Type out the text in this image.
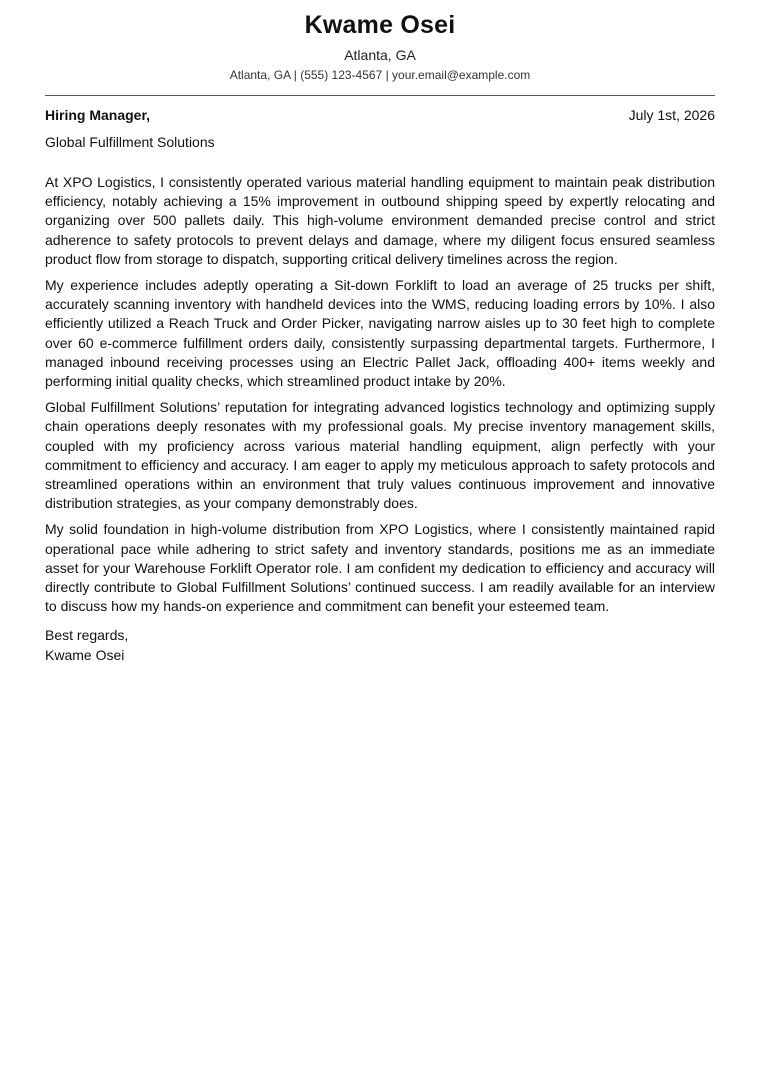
Kwame Osei
Atlanta, GA
Atlanta, GA | (555) 123-4567 | your.email@example.com
Hiring Manager,	July 1st, 2026
Global Fulfillment Solutions

At XPO Logistics, I consistently operated various material handling equipment to maintain peak distribution efficiency, notably achieving a 15% improvement in outbound shipping speed by expertly relocating and organizing over 500 pallets daily. This high-volume environment demanded precise control and strict adherence to safety protocols to prevent delays and damage, where my diligent focus ensured seamless product flow from storage to dispatch, supporting critical delivery timelines across the region.

My experience includes adeptly operating a Sit-down Forklift to load an average of 25 trucks per shift, accurately scanning inventory with handheld devices into the WMS, reducing loading errors by 10%. I also efficiently utilized a Reach Truck and Order Picker, navigating narrow aisles up to 30 feet high to complete over 60 e-commerce fulfillment orders daily, consistently surpassing departmental targets. Furthermore, I managed inbound receiving processes using an Electric Pallet Jack, offloading 400+ items weekly and performing initial quality checks, which streamlined product intake by 20%.

Global Fulfillment Solutions’ reputation for integrating advanced logistics technology and optimizing supply chain operations deeply resonates with my professional goals. My precise inventory management skills, coupled with my proficiency across various material handling equipment, align perfectly with your commitment to efficiency and accuracy. I am eager to apply my meticulous approach to safety protocols and streamlined operations within an environment that truly values continuous improvement and innovative distribution strategies, as your company demonstrably does.

My solid foundation in high-volume distribution from XPO Logistics, where I consistently maintained rapid operational pace while adhering to strict safety and inventory standards, positions me as an immediate asset for your Warehouse Forklift Operator role. I am confident my dedication to efficiency and accuracy will directly contribute to Global Fulfillment Solutions’ continued success. I am readily available for an interview to discuss how my hands-on experience and commitment can benefit your esteemed team.

Best regards,
Kwame Osei
